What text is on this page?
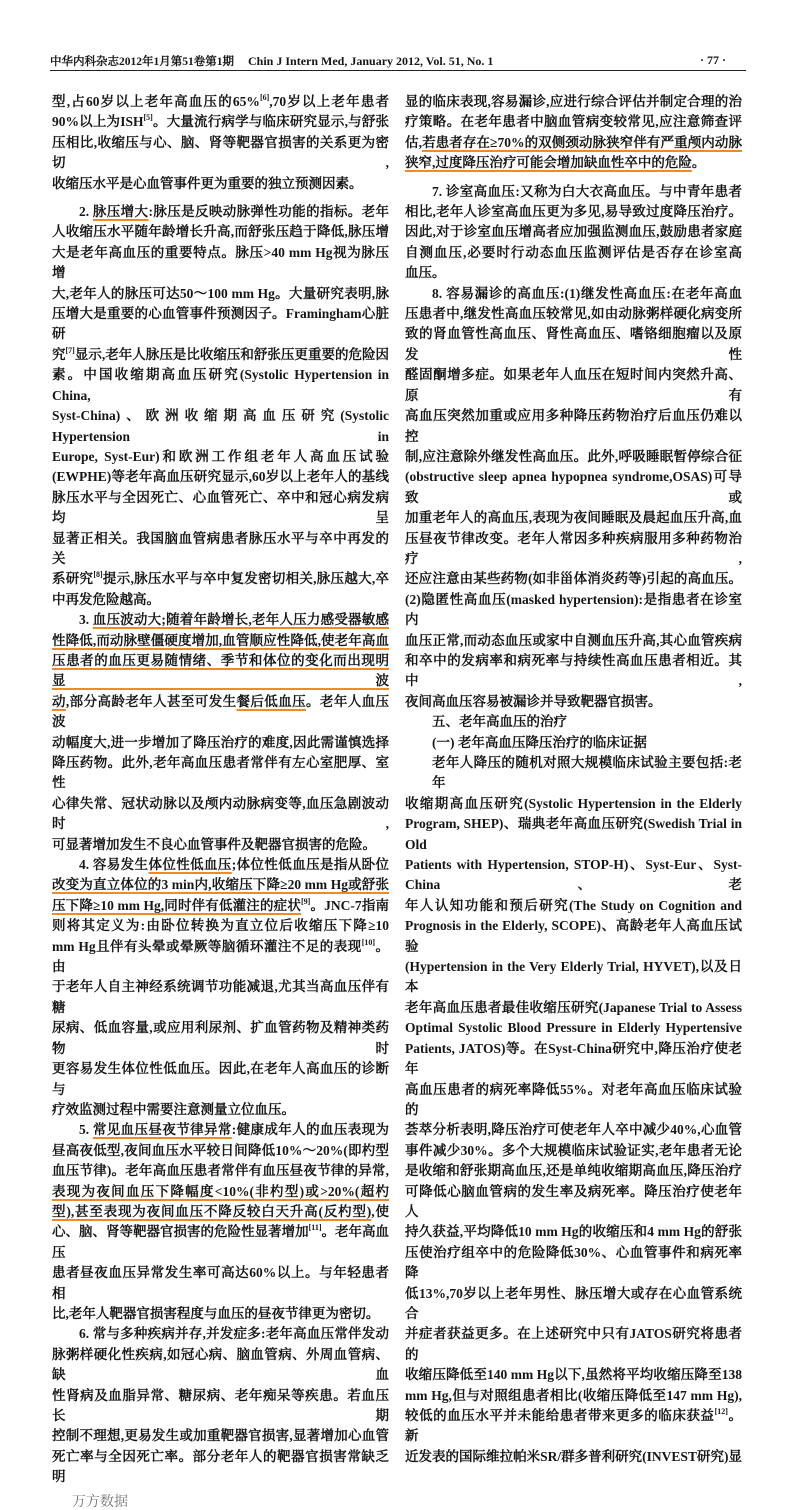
中华内科杂志2012年1月第51卷第1期 Chin J Intern Med, January 2012, Vol. 51, No. 1	· 77 ·
型,占60岁以上老年高血压的65%[6],70岁以上老年患者
90%以上为ISH[5]。大量流行病学与临床研究显示,与舒张
压相比,收缩压与心、脑、肾等靶器官损害的关系更为密切,
收缩压水平是心血管事件更为重要的独立预测因素。
2. 脉压增大:脉压是反映动脉弹性功能的指标。老年
人收缩压水平随年龄增长升高,而舒张压趋于降低,脉压增
大是老年高血压的重要特点。脉压>40 mm Hg视为脉压增
大,老年人的脉压可达50～100 mm Hg。大量研究表明,脉
压增大是重要的心血管事件预测因子。Framingham心脏研
究[7]显示,老年人脉压是比收缩压和舒张压更重要的危险因
素。中国收缩期高血压研究(Systolic Hypertension in China,
Syst-China)、欧洲收缩期高血压研究(Systolic Hypertension in
Europe, Syst-Eur)和欧洲工作组老年人高血压试验
(EWPHE)等老年高血压研究显示,60岁以上老年人的基线
脉压水平与全因死亡、心血管死亡、卒中和冠心病发病均呈
显著正相关。我国脑血管病患者脉压水平与卒中再发的关
系研究[8]提示,脉压水平与卒中复发密切相关,脉压越大,卒
中再发危险越高。
3. 血压波动大;随着年龄增长,老年人压力感受器敏感
性降低,而动脉壁僵硬度增加,血管顺应性降低,使老年高血
压患者的血压更易随情绪、季节和体位的变化而出现明显波
动,部分高龄老年人甚至可发生餐后低血压。老年人血压波
动幅度大,进一步增加了降压治疗的难度,因此需谨慎选择
降压药物。此外,老年高血压患者常伴有左心室肥厚、室性
心律失常、冠状动脉以及颅内动脉病变等,血压急剧波动时,
可显著增加发生不良心血管事件及靶器官损害的危险。
4. 容易发生体位性低血压;体位性低血压是指从卧位
改变为直立体位的3 min内,收缩压下降≥20 mm Hg或舒张
压下降≥10 mm Hg,同时伴有低灌注的症状[9]。JNC-7指南
则将其定义为:由卧位转换为直立位后收缩压下降≥10
mm Hg且伴有头晕或晕厥等脑循环灌注不足的表现[10]。由
于老年人自主神经系统调节功能减退,尤其当高血压伴有糖
尿病、低血容量,或应用利尿剂、扩血管药物及精神类药物时
更容易发生体位性低血压。因此,在老年人高血压的诊断与
疗效监测过程中需要注意测量立位血压。
5. 常见血压昼夜节律异常:健康成年人的血压表现为
昼高夜低型,夜间血压水平较日间降低10%～20%(即杓型
血压节律)。老年高血压患者常伴有血压昼夜节律的异常,
表现为夜间血压下降幅度<10%(非杓型)或>20%(超杓
型),甚至表现为夜间血压不降反较白天升高(反杓型),使
心、脑、肾等靶器官损害的危险性显著增加[11]。老年高血压
患者昼夜血压异常发生率可高达60%以上。与年轻患者相
比,老年人靶器官损害程度与血压的昼夜节律更为密切。
6. 常与多种疾病并存,并发症多:老年高血压常伴发动
脉粥样硬化性疾病,如冠心病、脑血管病、外周血管病、缺血
性肾病及血脂异常、糖尿病、老年痴呆等疾患。若血压长期
控制不理想,更易发生或加重靶器官损害,显著增加心血管
死亡率与全因死亡率。部分老年人的靶器官损害常缺乏明
显的临床表现,容易漏诊,应进行综合评估并制定合理的治
疗策略。在老年患者中脑血管病变较常见,应注意筛查评
估,若患者存在≥70%的双侧颈动脉狭窄伴有严重颅内动脉
狭窄,过度降压治疗可能会增加缺血性卒中的危险。
7. 诊室高血压:又称为白大衣高血压。与中青年患者
相比,老年人诊室高血压更为多见,易导致过度降压治疗。
因此,对于诊室血压增高者应加强监测血压,鼓励患者家庭
自测血压,必要时行动态血压监测评估是否存在诊室高
血压。
8. 容易漏诊的高血压:(1)继发性高血压:在老年高血
压患者中,继发性高血压较常见,如由动脉粥样硬化病变所
致的肾血管性高血压、肾性高血压、嗜铬细胞瘤以及原发性
醛固酮增多症。如果老年人血压在短时间内突然升高、原有
高血压突然加重或应用多种降压药物治疗后血压仍难以控
制,应注意除外继发性高血压。此外,呼吸睡眠暂停综合征
(obstructive sleep apnea hypopnea syndrome,OSAS)可导致或
加重老年人的高血压,表现为夜间睡眠及晨起血压升高,血
压昼夜节律改变。老年人常因多种疾病服用多种药物治疗,
还应注意由某些药物(如非甾体消炎药等)引起的高血压。
(2)隐匿性高血压(masked hypertension):是指患者在诊室内
血压正常,而动态血压或家中自测血压升高,其心血管疾病
和卒中的发病率和病死率与持续性高血压患者相近。其中,
夜间高血压容易被漏诊并导致靶器官损害。
五、老年高血压的治疗
(一) 老年高血压降压治疗的临床证据
老年人降压的随机对照大规模临床试验主要包括:老年
收缩期高血压研究(Systolic Hypertension in the Elderly
Program, SHEP)、瑞典老年高血压研究(Swedish Trial in Old
Patients with Hypertension, STOP-H)、Syst-Eur、Syst-China、老
年人认知功能和预后研究(The Study on Cognition and
Prognosis in the Elderly, SCOPE)、高龄老年人高血压试验
(Hypertension in the Very Elderly Trial, HYVET),以及日本
老年高血压患者最佳收缩压研究(Japanese Trial to Assess
Optimal Systolic Blood Pressure in Elderly Hypertensive
Patients, JATOS)等。在Syst-China研究中,降压治疗使老年
高血压患者的病死率降低55%。对老年高血压临床试验的
荟萃分析表明,降压治疗可使老年人卒中减少40%,心血管
事件减少30%。多个大规模临床试验证实,老年患者无论
是收缩和舒张期高血压,还是单纯收缩期高血压,降压治疗
可降低心脑血管病的发生率及病死率。降压治疗使老年人
持久获益,平均降低10 mm Hg的收缩压和4 mm Hg的舒张
压使治疗组卒中的危险降低30%、心血管事件和病死率降
低13%,70岁以上老年男性、脉压增大或存在心血管系统合
并症者获益更多。在上述研究中只有JATOS研究将患者的
收缩压降低至140 mm Hg以下,虽然将平均收缩压降至138
mm Hg,但与对照组患者相比(收缩压降低至147 mm Hg),
较低的血压水平并未能给患者带来更多的临床获益[12]。新
近发表的国际维拉帕米SR/群多普利研究(INVEST研究)显
万方数据
